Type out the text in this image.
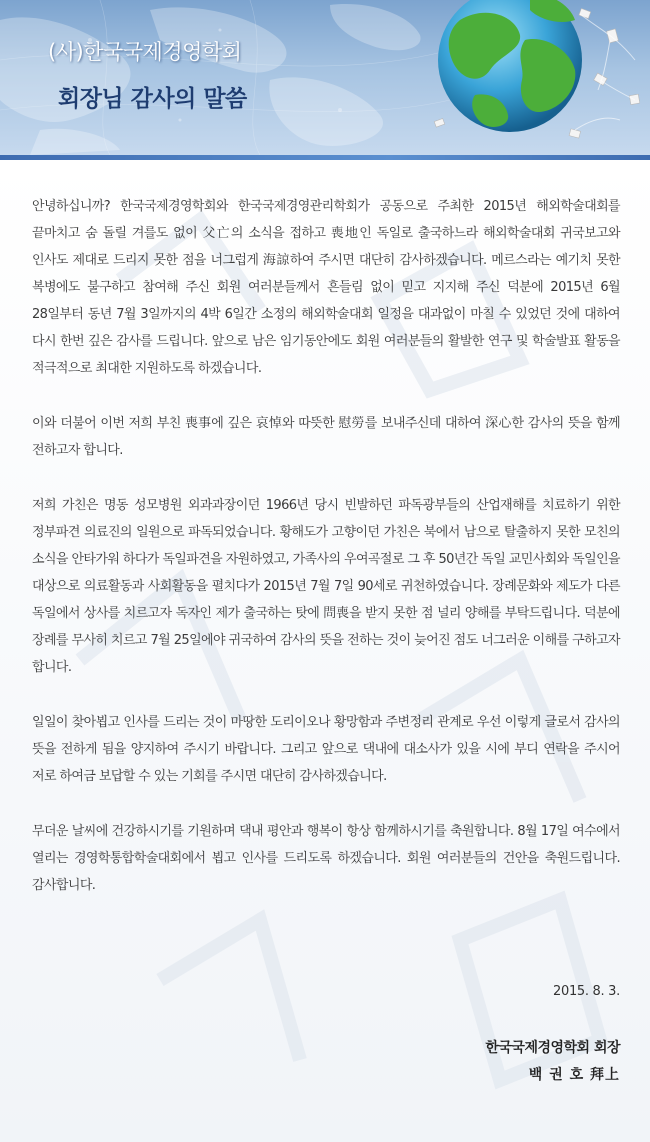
(사)한국국제경영학회
회장님 감사의 말씀

안녕하십니까? 한국국제경영학회와 한국국제경영관리학회가 공동으로 주최한 2015년 해외학술대회를 끝마치고 숨 돌릴 겨를도 없이 父亡의 소식을 접하고 喪地인 독일로 출국하느라 해외학술대회 귀국보고와 인사도 제대로 드리지 못한 점을 너그럽게 海諒하여 주시면 대단히 감사하겠습니다. 메르스라는 예기치 못한 복병에도 불구하고 참여해 주신 회원 여러분들께서 흔들림 없이 믿고 지지해 주신 덕분에 2015년 6월 28일부터 동년 7월 3일까지의 4박 6일간 소정의 해외학술대회 일정을 대과없이 마칠 수 있었던 것에 대하여 다시 한번 깊은 감사를 드립니다. 앞으로 남은 임기동안에도 회원 여러분들의 활발한 연구 및 학술발표 활동을 적극적으로 최대한 지원하도록 하겠습니다.

이와 더불어 이번 저희 부친 喪事에 깊은 哀悼와 따뜻한 慰勞를 보내주신데 대하여 深心한 감사의 뜻을 함께 전하고자 합니다.

저희 가친은 명동 성모병원 외과과장이던 1966년 당시 빈발하던 파독광부들의 산업재해를 치료하기 위한 정부파견 의료진의 일원으로 파독되었습니다. 황해도가 고향이던 가친은 북에서 남으로 탈출하지 못한 모친의 소식을 안타가워 하다가 독일파견을 자원하였고, 가족사의 우여곡절로 그 후 50년간 독일 교민사회와 독일인을 대상으로 의료활동과 사회활동을 펼치다가 2015년 7월 7일 90세로 귀천하였습니다. 장례문화와 제도가 다른 독일에서 상사를 치르고자 독자인 제가 출국하는 탓에 問喪을 받지 못한 점 널리 양해를 부탁드립니다. 덕분에 장례를 무사히 치르고 7월 25일에야 귀국하여 감사의 뜻을 전하는 것이 늦어진 점도 너그러운 이해를 구하고자 합니다.

일일이 찾아뵙고 인사를 드리는 것이 마땅한 도리이오나 황망함과 주변정리 관계로 우선 이렇게 글로서 감사의 뜻을 전하게 됨을 양지하여 주시기 바랍니다. 그리고 앞으로 댁내에 대소사가 있을 시에 부디 연락을 주시어 저로 하여금 보답할 수 있는 기회를 주시면 대단히 감사하겠습니다.

무더운 날씨에 건강하시기를 기원하며 댁내 평안과 행복이 항상 함께하시기를 축원합니다. 8월 17일 여수에서 열리는 경영학통합학술대회에서 뵙고 인사를 드리도록 하겠습니다. 회원 여러분들의 건안을 축원드립니다. 감사합니다.

2015. 8. 3.
한국국제경영학회 회장
백 권 호 拜上
